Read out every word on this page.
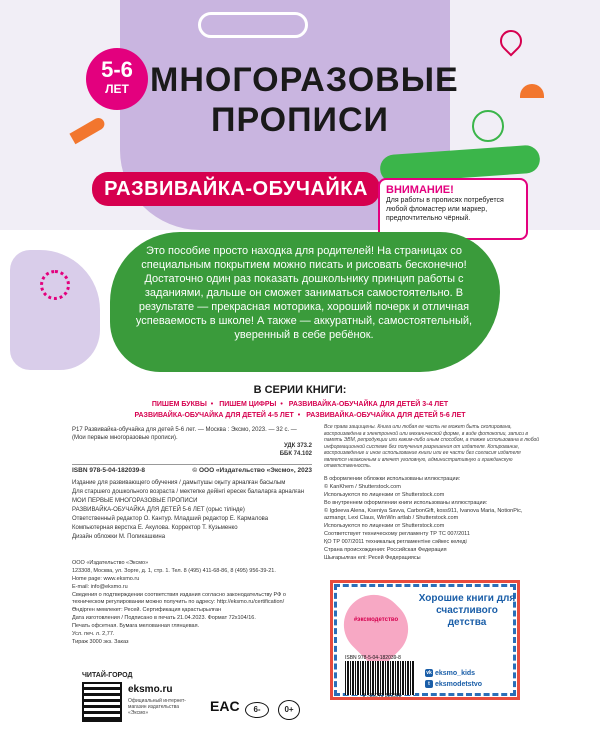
5-6
ЛЕТ МНОГОРАЗОВЫЕ
ПРОПИСИ
РАЗВИВАЙКА-ОБУЧАЙКА	ВНИМАНИЕ!
Для работы в прописях потребуется любой фломастер или маркер, предпочтительно чёрный.
Это пособие просто находка для родителей! На страницах со специальным покрытием можно писать и рисовать бесконечно! Достаточно один раз показать дошкольнику принцип работы с заданиями, дальше он сможет заниматься самостоятельно. В результате — прекрасная моторика, хороший почерк и отличная успеваемость в школе! А также — аккуратный, самостоятельный, уверенный в себе ребёнок.
В СЕРИИ КНИГИ:
ПИШЕМ БУКВЫ • ПИШЕМ ЦИФРЫ • РАЗВИВАЙКА-ОБУЧАЙКА ДЛЯ ДЕТЕЙ 3-4 ЛЕТ
РАЗВИВАЙКА-ОБУЧАЙКА ДЛЯ ДЕТЕЙ 4-5 ЛЕТ • РАЗВИВАЙКА-ОБУЧАЙКА ДЛЯ ДЕТЕЙ 5-6 ЛЕТ
Р17 Развивайка-обучайка для детей 5-6 лет. — Москва : Эксмо, 2023. — 32 с. — (Мои первые многоразовые прописи).
УДК 373.2
ББК 74.102
ISBN 978-5-04-182039-8	© ООО «Издательство «Эксмо», 2023
Издание для развивающего обучения / дамытушы оқыту арналған басылым
Для старшего дошкольного возраста / мектепке дейінгі ересек балаларға арналған
МОИ ПЕРВЫЕ МНОГОРАЗОВЫЕ ПРОПИСИ
РАЗВИВАЙКА-ОБУЧАЙКА ДЛЯ ДЕТЕЙ 5-6 ЛЕТ (орыс тілінде)
Ответственный редактор О. Кантур. Младший редактор Е. Кармалова
Компьютерная верстка Е. Акулова. Корректор Т. Кузьменко
Дизайн обложки М. Поликашкина
Все права защищены. Книга или любая ее часть не может быть скопирована, воспроизведена в электронной или механической форме, в виде фотокопии, записи в память ЭВМ, репродукции или каким-либо иным способом, а также использована в любой информационной системе без получения разрешения от издателя. Копирование, воспроизведение и иное использование книги или ее части без согласия издателя является незаконным и влечет уголовную, административную и гражданскую ответственность.
В оформлении обложки использованы иллюстрации:
© KanKhem / Shutterstock.com
Используются по лицензии от Shutterstock.com
Во внутреннем оформлении книги использованы иллюстрации:
© Igdeeva Alena, Kseniya Savva, CarbonGift, koss911, Ivanova Maria, NotionPic, azmangr, Lexi Claus, WinWin artlab / Shutterstock.com
Используются по лицензии от Shutterstock.com
Соответствует техническому регламенту ТР ТС 007/2011
ҚО ТР 007/2011 техникалық регламентіне сәйкес келеді
Страна происхождения: Российская Федерация
Шығарылған елі: Ресей Федерациясы
ООО «Издательство «Эксмо»
123308, Москва, ул. Зорге, д. 1, стр. 1. Тел. 8 (495) 411-68-86, 8 (495) 956-39-21.
Home page: www.eksmo.ru
E-mail: info@eksmo.ru
Сведения о подтверждении соответствия издания согласно законодательству РФ о техническом регулировании можно получить по адресу: http://eksmo.ru/certification/
Өндірген мемлекет: Ресей. Сертификация қарастырылған
Дата изготовления / Подписано в печать 21.04.2023. Формат 72x104/16.
Печать офсетная. Бумага мелованная глянцевая.
Усл. печ. л. 2,77.
Тираж 3000 экз. Заказ
ЧИТАЙ-ГОРОД
eksmo.ru
Официальный интернет-магазин издательства «Эксмо»	EAC	6-	0+
#эксмодетство
Хорошие книги для счастливого детства
ISBN 978-5-04-182039-8
9 785041 820398
vk eksmo_kids
t eksmodetstvo
